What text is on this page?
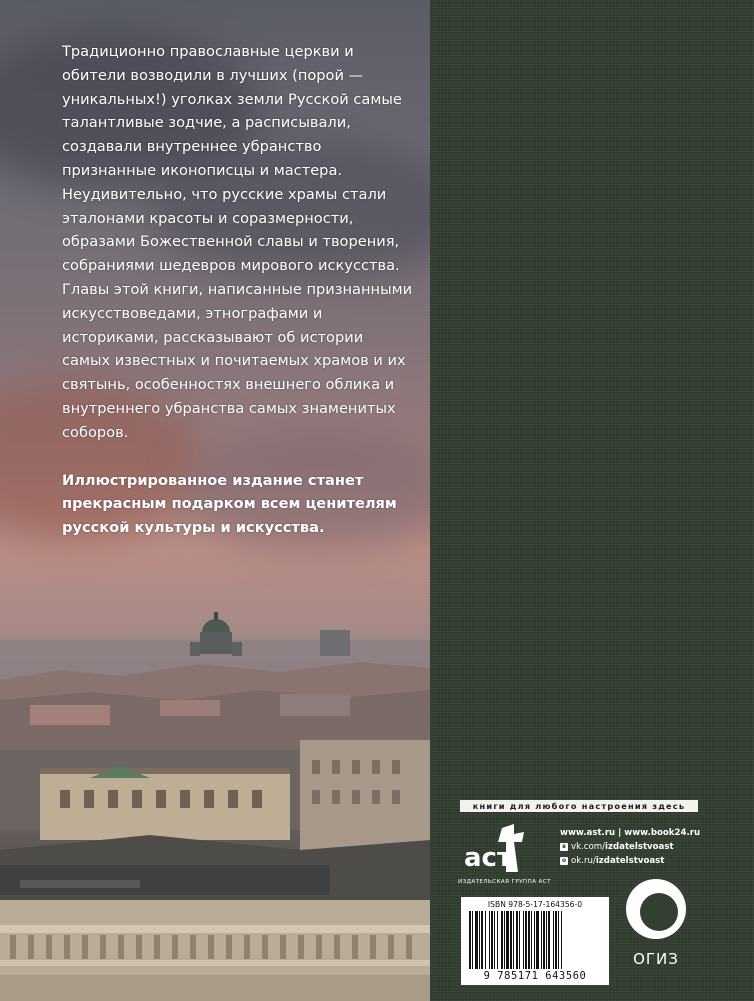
Традиционно православные церкви и обители возводили в лучших (порой — уникальных!) уголках земли Русской самые талантливые зодчие, а расписывали, создавали внутреннее убранство признанные иконописцы и мастера. Неудивительно, что русские храмы стали эталонами красоты и соразмерности, образами Божественной славы и творения, собраниями шедевров мирового искусства.

Главы этой книги, написанные признанными искусствоведами, этнографами и историками, рассказывают об истории самых известных и почитаемых храмов и их святынь, особенностях внешнего облика и внутреннего убранства самых знаменитых соборов.

Иллюстрированное издание станет прекрасным подарком всем ценителям русской культуры и искусства.

книги для любого настроения здесь
аст
ИЗДАТЕЛЬСКАЯ ГРУППА АСТ
www.ast.ru | www.book24.ru
в vk.com/izdatelstvoast
о ok.ru/izdatelstvoast
ISBN 978-5-17-164356-0
9 785171 643560
ОГИЗ
